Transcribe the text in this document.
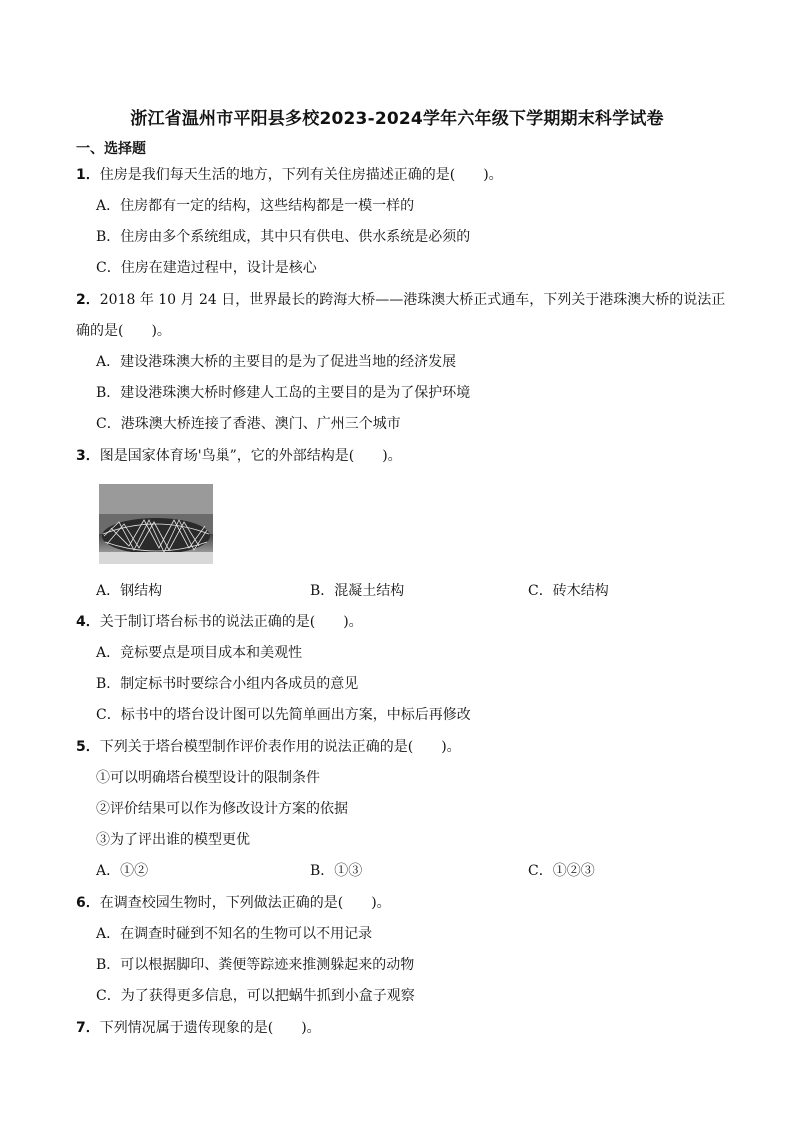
浙江省温州市平阳县多校2023-2024学年六年级下学期期末科学试卷
一、选择题
1．住房是我们每天生活的地方，下列有关住房描述正确的是(　　)。
A．住房都有一定的结构，这些结构都是一模一样的
B．住房由多个系统组成，其中只有供电、供水系统是必须的
C．住房在建造过程中，设计是核心
2．2018 年 10 月 24 日，世界最长的跨海大桥——港珠澳大桥正式通车，下列关于港珠澳大桥的说法正
确的是(　　)。
A．建设港珠澳大桥的主要目的是为了促进当地的经济发展
B．建设港珠澳大桥时修建人工岛的主要目的是为了保护环境
C．港珠澳大桥连接了香港、澳门、广州三个城市
3．图是国家体育场'鸟巢”，它的外部结构是(　　)。
A．钢结构	B．混凝土结构	C．砖木结构
4．关于制订塔台标书的说法正确的是(　　)。
A．竞标要点是项目成本和美观性
B．制定标书时要综合小组内各成员的意见
C．标书中的塔台设计图可以先简单画出方案，中标后再修改
5．下列关于塔台模型制作评价表作用的说法正确的是(　　)。
①可以明确塔台模型设计的限制条件
②评价结果可以作为修改设计方案的依据
③为了评出谁的模型更优
A．①②	B．①③	C．①②③
6．在调查校园生物时，下列做法正确的是(　　)。
A．在调查时碰到不知名的生物可以不用记录
B．可以根据脚印、粪便等踪迹来推测躲起来的动物
C．为了获得更多信息，可以把蜗牛抓到小盒子观察
7．下列情况属于遗传现象的是(　　)。
